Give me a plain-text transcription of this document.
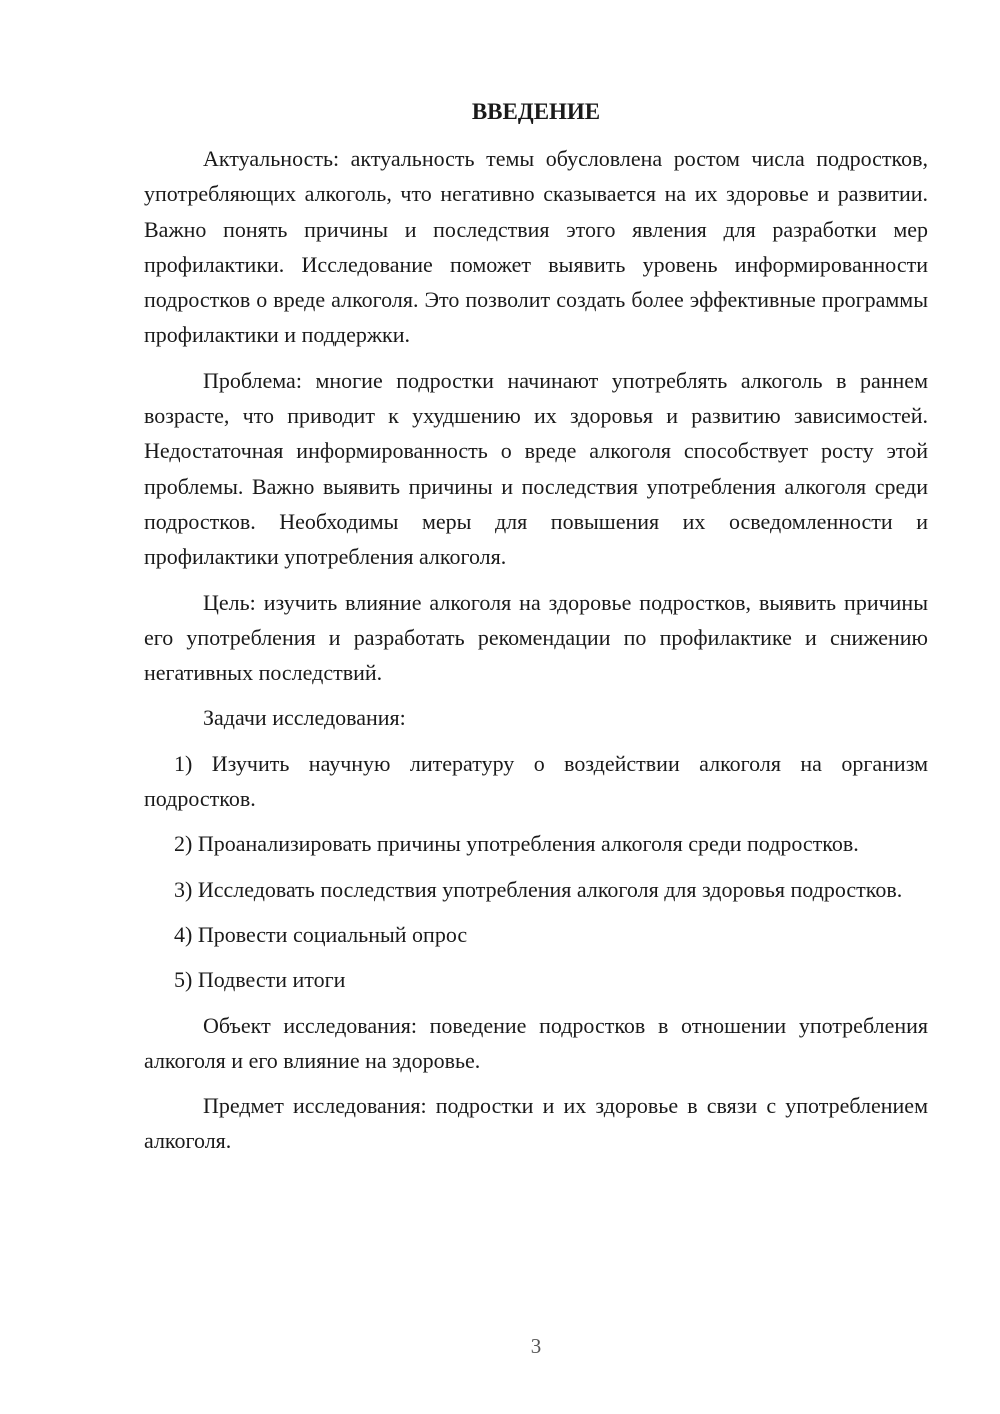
ВВЕДЕНИЕ

Актуальность: актуальность темы обусловлена ростом числа подростков, употребляющих алкоголь, что негативно сказывается на их здоровье и развитии. Важно понять причины и последствия этого явления для разработки мер профилактики. Исследование поможет выявить уровень информированности подростков о вреде алкоголя. Это позволит создать более эффективные программы профилактики и поддержки.

Проблема: многие подростки начинают употреблять алкоголь в раннем возрасте, что приводит к ухудшению их здоровья и развитию зависимостей. Недостаточная информированность о вреде алкоголя способствует росту этой проблемы. Важно выявить причины и последствия употребления алкоголя среди подростков. Необходимы меры для повышения их осведомленности и профилактики употребления алкоголя.

Цель: изучить влияние алкоголя на здоровье подростков, выявить причины его употребления и разработать рекомендации по профилактике и снижению негативных последствий.

Задачи исследования:

1) Изучить научную литературу о воздействии алкоголя на организм подростков.

2) Проанализировать причины употребления алкоголя среди подростков.

3) Исследовать последствия употребления алкоголя для здоровья подростков.

4) Провести социальный опрос

5) Подвести итоги

Объект исследования: поведение подростков в отношении употребления алкоголя и его влияние на здоровье.

Предмет исследования: подростки и их здоровье в связи с употреблением алкоголя.

3
